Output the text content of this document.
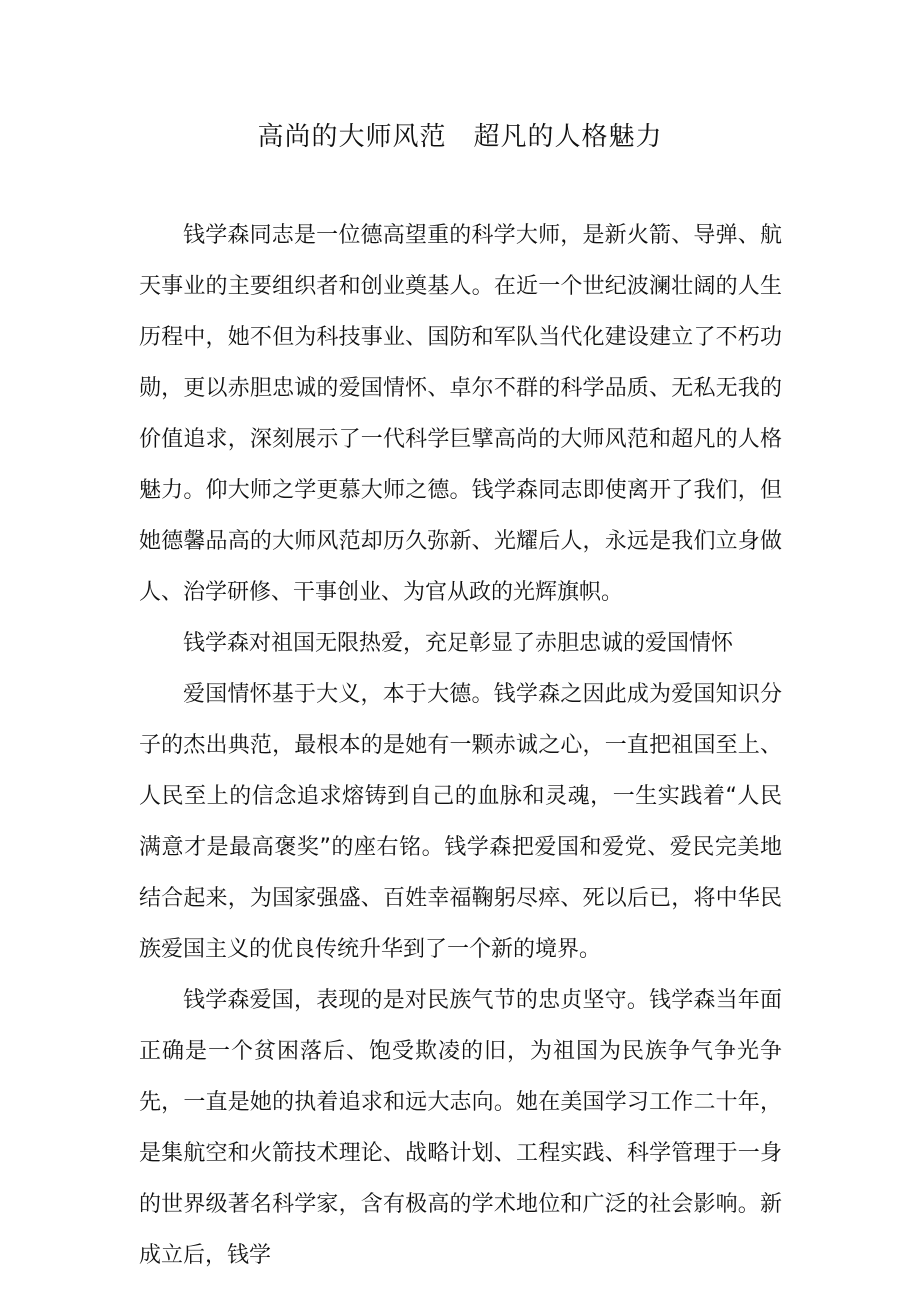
高尚的大师风范　超凡的人格魅力

钱学森同志是一位德高望重的科学大师，是新火箭、导弹、航天事业的主要组织者和创业奠基人。在近一个世纪波澜壮阔的人生历程中，她不但为科技事业、国防和军队当代化建设建立了不朽功勋，更以赤胆忠诚的爱国情怀、卓尔不群的科学品质、无私无我的价值追求，深刻展示了一代科学巨擘高尚的大师风范和超凡的人格魅力。仰大师之学更慕大师之德。钱学森同志即使离开了我们，但她德馨品高的大师风范却历久弥新、光耀后人，永远是我们立身做人、治学研修、干事创业、为官从政的光辉旗帜。

钱学森对祖国无限热爱，充足彰显了赤胆忠诚的爱国情怀

爱国情怀基于大义，本于大德。钱学森之因此成为爱国知识分子的杰出典范，最根本的是她有一颗赤诚之心，一直把祖国至上、人民至上的信念追求熔铸到自己的血脉和灵魂，一生实践着“人民满意才是最高褒奖”的座右铭。钱学森把爱国和爱党、爱民完美地结合起来，为国家强盛、百姓幸福鞠躬尽瘁、死以后已，将中华民族爱国主义的优良传统升华到了一个新的境界。

钱学森爱国，表现的是对民族气节的忠贞坚守。钱学森当年面正确是一个贫困落后、饱受欺凌的旧，为祖国为民族争气争光争先，一直是她的执着追求和远大志向。她在美国学习工作二十年，是集航空和火箭技术理论、战略计划、工程实践、科学管理于一身的世界级著名科学家，含有极高的学术地位和广泛的社会影响。新成立后，钱学
